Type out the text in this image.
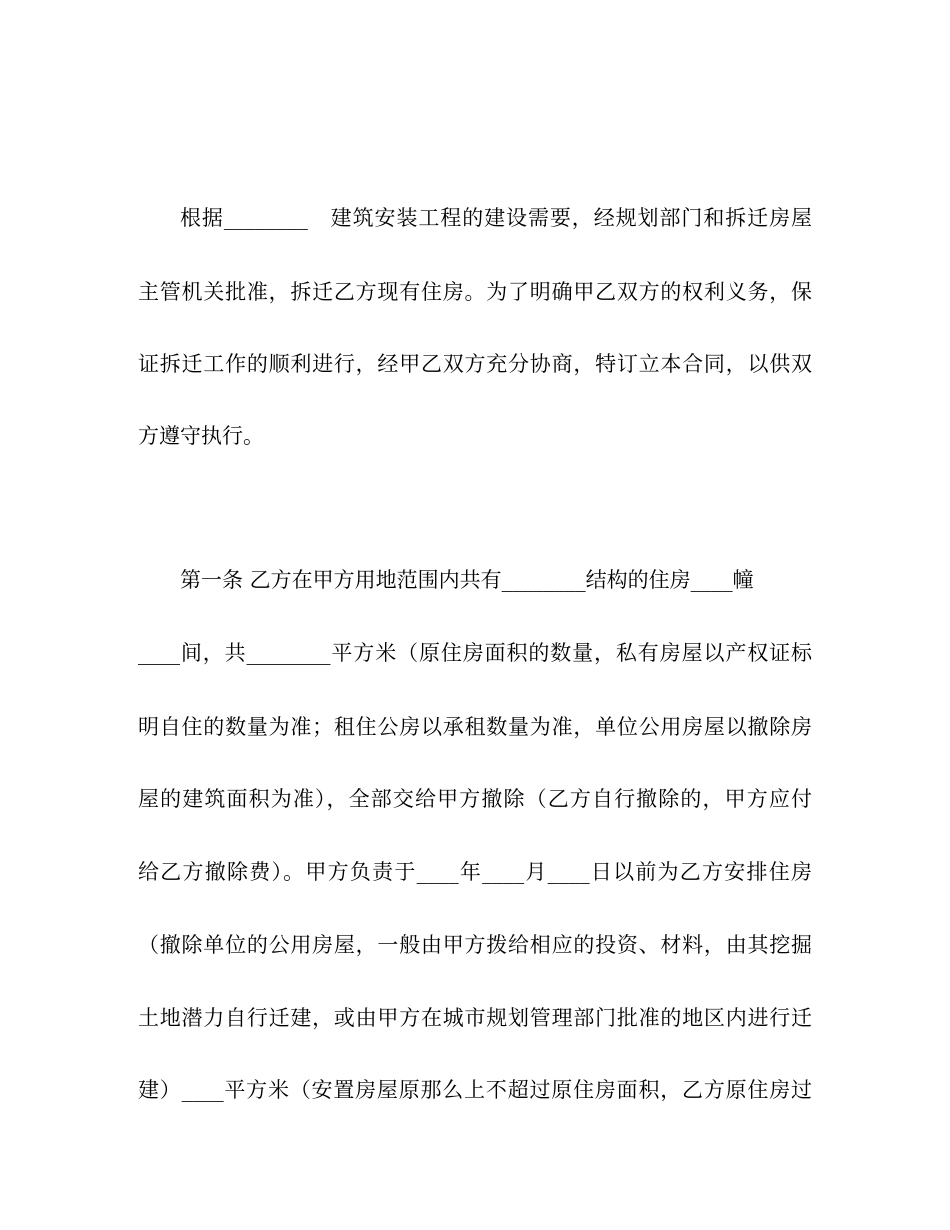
根据________　建筑安装工程的建设需要，经规划部门和拆迁房屋

主管机关批准，拆迁乙方现有住房。为了明确甲乙双方的权利义务，保

证拆迁工作的顺利进行，经甲乙双方充分协商，特订立本合同，以供双

方遵守执行。

第一条 乙方在甲方用地范围内共有________结构的住房____幢

____间，共________平方米（原住房面积的数量，私有房屋以产权证标

明自住的数量为准；租住公房以承租数量为准，单位公用房屋以撤除房

屋的建筑面积为准），全部交给甲方撤除（乙方自行撤除的，甲方应付

给乙方撤除费）。甲方负责于____年____月____日以前为乙方安排住房

（撤除单位的公用房屋，一般由甲方拨给相应的投资、材料，由其挖掘

土地潜力自行迁建，或由甲方在城市规划管理部门批准的地区内进行迁

建）____平方米（安置房屋原那么上不超过原住房面积，乙方原住房过
